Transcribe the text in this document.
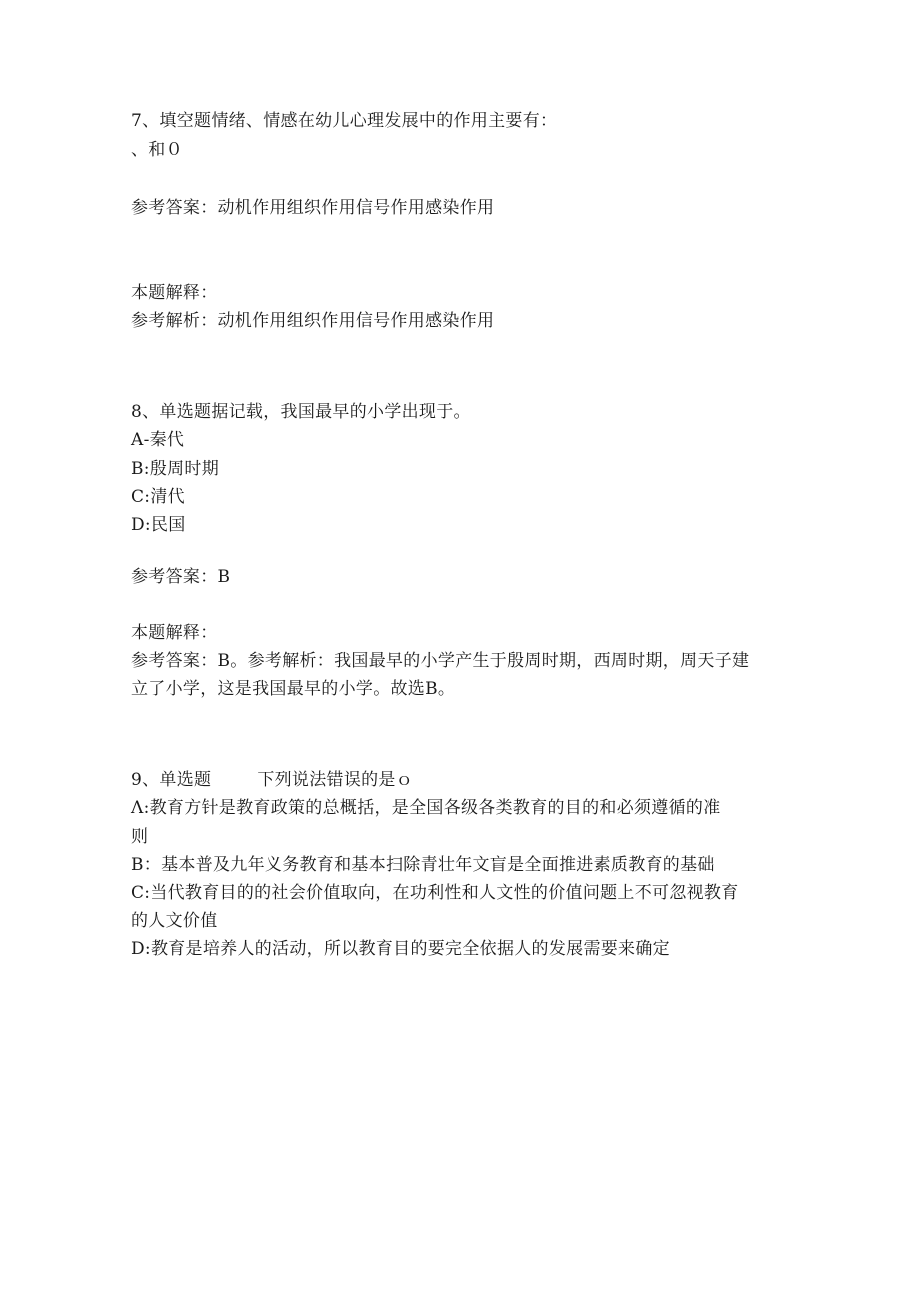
7、填空题情绪、情感在幼儿心理发展中的作用主要有：
、和０
参考答案：动机作用组织作用信号作用感染作用
本题解释：
参考解析：动机作用组织作用信号作用感染作用
8、单选题据记载，我国最早的小学出现于。
A-秦代
B:殷周时期
C:清代
D:民国
参考答案：B
本题解释：
参考答案：B。参考解析：我国最早的小学产生于殷周时期，西周时期，周天子建
立了小学，这是我国最早的小学。故选B。
9、单选题	下列说法错误的是ｏ
Λ:教育方针是教育政策的总概括，是全国各级各类教育的目的和必须遵循的准
则
B：基本普及九年义务教育和基本扫除青壮年文盲是全面推进素质教育的基础
C:当代教育目的的社会价值取向，在功利性和人文性的价值问题上不可忽视教育
的人文价值
D:教育是培养人的活动，所以教育目的要完全依据人的发展需要来确定
